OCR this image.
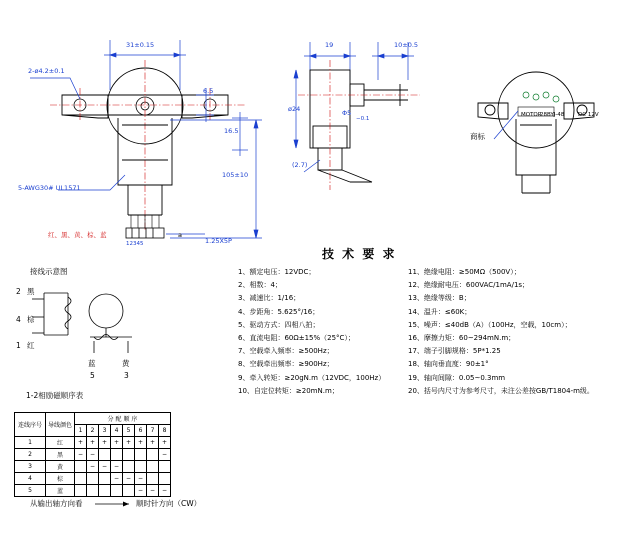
31±0.15
2-ø4.2±0.1
6.5
16.5
105±10
5-AWG30# UL1571
红、黑、黄、棕、蓝
12345	1.25X5P
a
19	10±0.5
ø24	Φ5
−0.1
(2.7)
MOTOR
28BYJ-48	DC 12V
商标
接线示意图
2 黑
4 棕
1 红
蓝
5
黄
3
技 术 要 求
1、额定电压：12VDC；
2、相数：4；
3、减速比：1/16；
4、步距角：5.625°/16；
5、驱动方式：四相八拍；
6、直流电阻：60Ω±15%（25°C）；
7、空载牵入频率：≥500Hz；
8、空载牵出频率：≥900Hz；
9、牵入转矩：≥20gN.m（12VDC，100Hz）
10、自定位转矩：≥20mN.m；
11、绝缘电阻：≥50MΩ（500V）；
12、绝缘耐电压：600VAC/1mA/1s；
13、绝缘等级：B；
14、温升：≤60K；
15、噪声：≤40dB（A）（100Hz，空载，10cm）；
16、摩擦力矩：60~294mN.m；
17、端子引脚规格：5P*1.25
18、轴向垂直度：90±1°
19、轴向间隙：0.05~0.3mm
20、括号内尺寸为参考尺寸，未注公差按GB/T1804-m级。
1-2相励磁顺序表
连线序号	导线颜色	分 配 顺 序							
		1	2	3	4	5	6	7	8
1	红	+	+	+	+	+	+	+	+
2	黑	−	−						−
3	黄		−	−	−				
4	棕				−	−	−		
5	蓝						−	−	−
从输出轴方向看	顺时针方向（CW）
